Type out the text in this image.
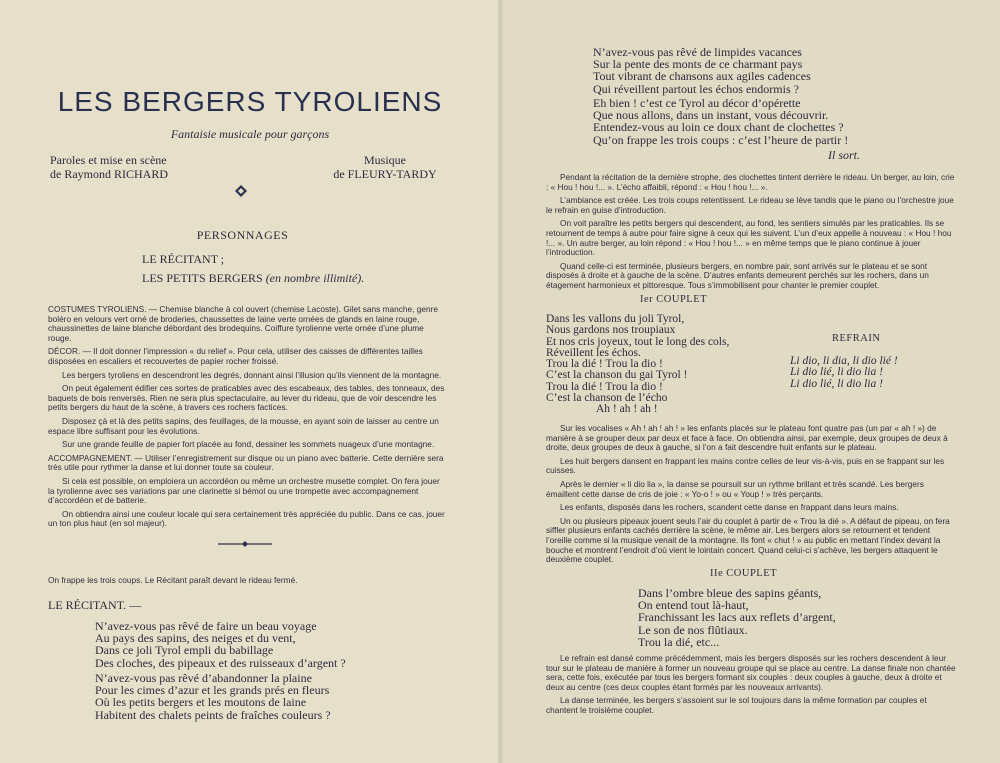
LES BERGERS TYROLIENS
Fantaisie musicale pour garçons
Paroles et mise en scène
de Raymond RICHARD
Musique
de FLEURY-TARDY
PERSONNAGES
LE RÉCITANT ;
LES PETITS BERGERS (en nombre illimité).

COSTUMES TYROLIENS. — Chemise blanche à col ouvert (chemise Lacoste). Gilet sans manche, genre boléro en velours vert orné de broderies, chaussettes de laine verte ornées de glands en laine rouge, chaussinettes de laine blanche débordant des brodequins. Coiffure tyrolienne verte ornée d’une plume rouge.

DÉCOR. — Il doit donner l’impression « du relief ». Pour cela, utiliser des caisses de différentes tailles disposées en escaliers et recouvertes de papier rocher froissé.

Les bergers tyroliens en descendront les degrés, donnant ainsi l’illusion qu’ils viennent de la montagne.

On peut également édifier ces sortes de praticables avec des escabeaux, des tables, des tonneaux, des baquets de bois renversés. Rien ne sera plus spectaculaire, au lever du rideau, que de voir descendre les petits bergers du haut de la scène, à travers ces rochers factices.

Disposez çà et là des petits sapins, des feuillages, de la mousse, en ayant soin de laisser au centre un espace libre suffisant pour les évolutions.

Sur une grande feuille de papier fort placée au fond, dessiner les sommets nuageux d’une montagne.

ACCOMPAGNEMENT. — Utiliser l’enregistrement sur disque ou un piano avec batterie. Cette dernière sera très utile pour rythmer la danse et lui donner toute sa couleur.

Si cela est possible, on emploiera un accordéon ou même un orchestre musette complet. On fera jouer la tyrolienne avec ses variations par une clarinette si bémol ou une trompette avec accompagnement d’accordéon et de batterie.

On obtiendra ainsi une couleur locale qui sera certainement très appréciée du public. Dans ce cas, jouer un ton plus haut (en sol majeur).

On frappe les trois coups. Le Récitant paraît devant le rideau fermé.
LE RÉCITANT. —
N’avez-vous pas rêvé de faire un beau voyage
Au pays des sapins, des neiges et du vent,
Dans ce joli Tyrol empli du babillage
Des cloches, des pipeaux et des ruisseaux d’argent ?
N’avez-vous pas rêvé d’abandonner la plaine
Pour les cimes d’azur et les grands prés en fleurs
Où les petits bergers et les moutons de laine
Habitent des chalets peints de fraîches couleurs ?
N’avez-vous pas rêvé de limpides vacances
Sur la pente des monts de ce charmant pays
Tout vibrant de chansons aux agiles cadences
Qui réveillent partout les échos endormis ?
Eh bien ! c’est ce Tyrol au décor d’opérette
Que nous allons, dans un instant, vous découvrir.
Entendez-vous au loin ce doux chant de clochettes ?
Qu’on frappe les trois coups : c’est l’heure de partir !
Il sort.

Pendant la récitation de la dernière strophe, des clochettes tintent derrière le rideau. Un berger, au loin, crie : « Hou ! hou !... ». L’écho affaibli, répond : « Hou ! hou !... ».

L’ambiance est créée. Les trois coups retentissent. Le rideau se lève tandis que le piano ou l’orchestre joue le refrain en guise d’introduction.

On voit paraître les petits bergers qui descendent, au fond, les sentiers simulés par les praticables. Ils se retournent de temps à autre pour faire signe à ceux qui les suivent. L’un d’eux appelle à nouveau : « Hou ! hou !... ». Un autre berger, au loin répond : « Hou ! hou !... » en même temps que le piano continue à jouer l’introduction.

Quand celle-ci est terminée, plusieurs bergers, en nombre pair, sont arrivés sur le plateau et se sont disposés à droite et à gauche de la scène. D’autres enfants demeurent perchés sur les rochers, dans un étagement harmonieux et pittoresque. Tous s’immobilisent pour chanter le premier couplet.

Ier COUPLET
Dans les vallons du joli Tyrol,
Nous gardons nos troupiaux
Et nos cris joyeux, tout le long des cols,
Réveillent les échos.
Trou la dié ! Trou la dio !
C’est la chanson du gai Tyrol !
Trou la dié ! Trou la dio !
C’est la chanson de l’écho
Ah ! ah ! ah !
REFRAIN
Li dio, li dia, li dio lié !
Li dio lié, li dio lia !
Li dio lié, li dio lia !

Sur les vocalises « Ah ! ah ! ah ! » les enfants placés sur le plateau font quatre pas (un par « ah ! ») de manière à se grouper deux par deux et face à face. On obtiendra ainsi, par exemple, deux groupes de deux à droite, deux groupes de deux à gauche, si l’on a fait descendre huit enfants sur le plateau.

Les huit bergers dansent en frappant les mains contre celles de leur vis-à-vis, puis en se frappant sur les cuisses.

Après le dernier « li dio lia », la danse se poursuit sur un rythme brillant et très scandé. Les bergers émaillent cette danse de cris de joie : « Yo-o ! » ou « Youp ! » très perçants.

Les enfants, disposés dans les rochers, scandent cette danse en frappant dans leurs mains.

Un ou plusieurs pipeaux jouent seuls l’air du couplet à partir de « Trou la dié ». A défaut de pipeau, on fera siffler plusieurs enfants cachés derrière la scène, le même air. Les bergers alors se retournent et tendent l’oreille comme si la musique venait de la montagne. Ils font « chut ! » au public en mettant l’index devant la bouche et montrent l’endroit d’où vient le lointain concert. Quand celui-ci s’achève, les bergers attaquent le deuxième couplet.

IIe COUPLET
Dans l’ombre bleue des sapins géants,
On entend tout là-haut,
Franchissant les lacs aux reflets d’argent,
Le son de nos flûtiaux.
Trou la dié, etc...

Le refrain est dansé comme précédemment, mais les bergers disposés sur les rochers descendent à leur tour sur le plateau de manière à former un nouveau groupe qui se place au centre. La danse finale non chantée sera, cette fois, exécutée par tous les bergers formant six couples : deux couples à gauche, deux à droite et deux au centre (ces deux couples étant formés par les nouveaux arrivants).

La danse terminée, les bergers s’assoient sur le sol toujours dans la même formation par couples et chantent le troisième couplet.
